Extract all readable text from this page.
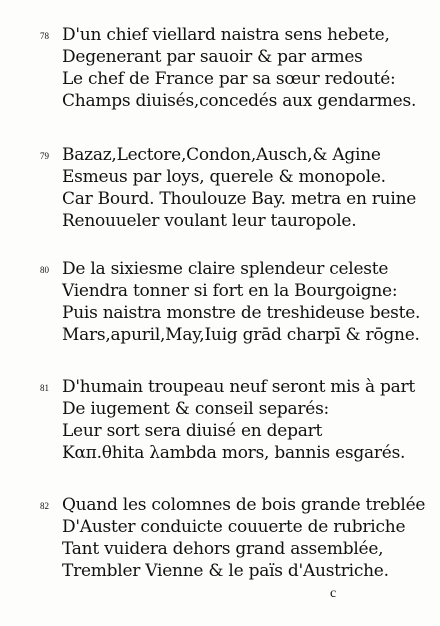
78 D'un chief viellard naistra sens hebete,
Degenerant par sauoir & par armes
Le chef de France par sa sœur redouté:
Champs diuisés,concedés aux gendarmes.
79 Bazaz,Lectore,Condon,Ausch,& Agine
Esmeus par loys, querele & monopole.
Car Bourd. Thoulouze Bay. metra en ruine
Renouueler voulant leur tauropole.
80 De la sixiesme claire splendeur celeste
Viendra tonner si fort en la Bourgoigne:
Puis naistra monstre de treshideuse beste.
Mars,apuril,May,Iuig grād charpī & rōgne.
81 D'humain troupeau neuf seront mis à part
De iugement & conseil separés:
Leur sort sera diuisé en depart
Καπ.θhita λambda mors, bannis esgarés.
82 Quand les colomnes de bois grande treblée
D'Auster conduicte couuerte de rubriche
Tant vuidera dehors grand assemblée,
Trembler Vienne & le païs d'Austriche.
c
